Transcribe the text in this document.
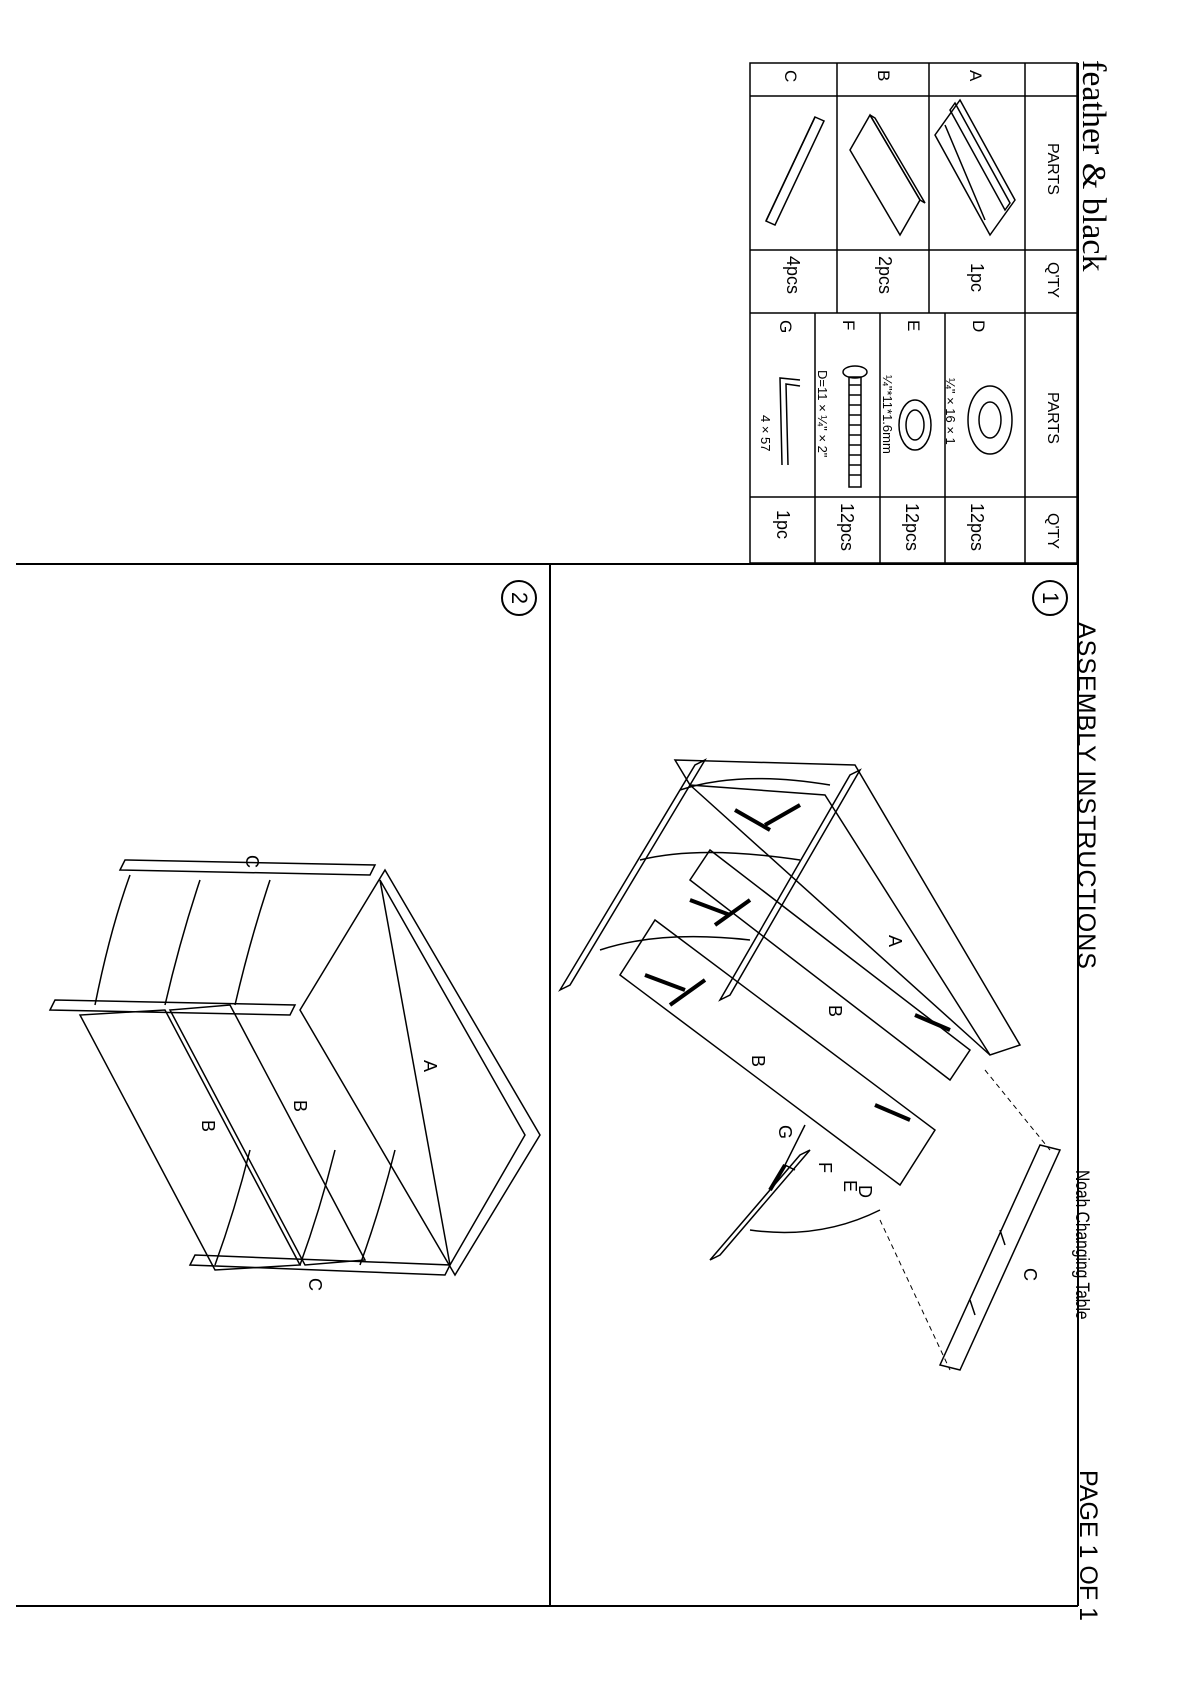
feather & black
ASSEMBLY INSTRUCTIONS
Noah Changing Table
PAGE 1 OF 1
PARTS
Q'TY
PARTS
Q'TY
A
B
C
1pc
2pcs
4pcs
D
E
F
G
¼" × 16 × 1
¼"*11*1.6mm
D=11 × ¼" × 2"
4 × 57
12pcs
12pcs
12pcs
1pc
1
2
A
B
B
C
D
E
F
G
A
B
B
C
C
